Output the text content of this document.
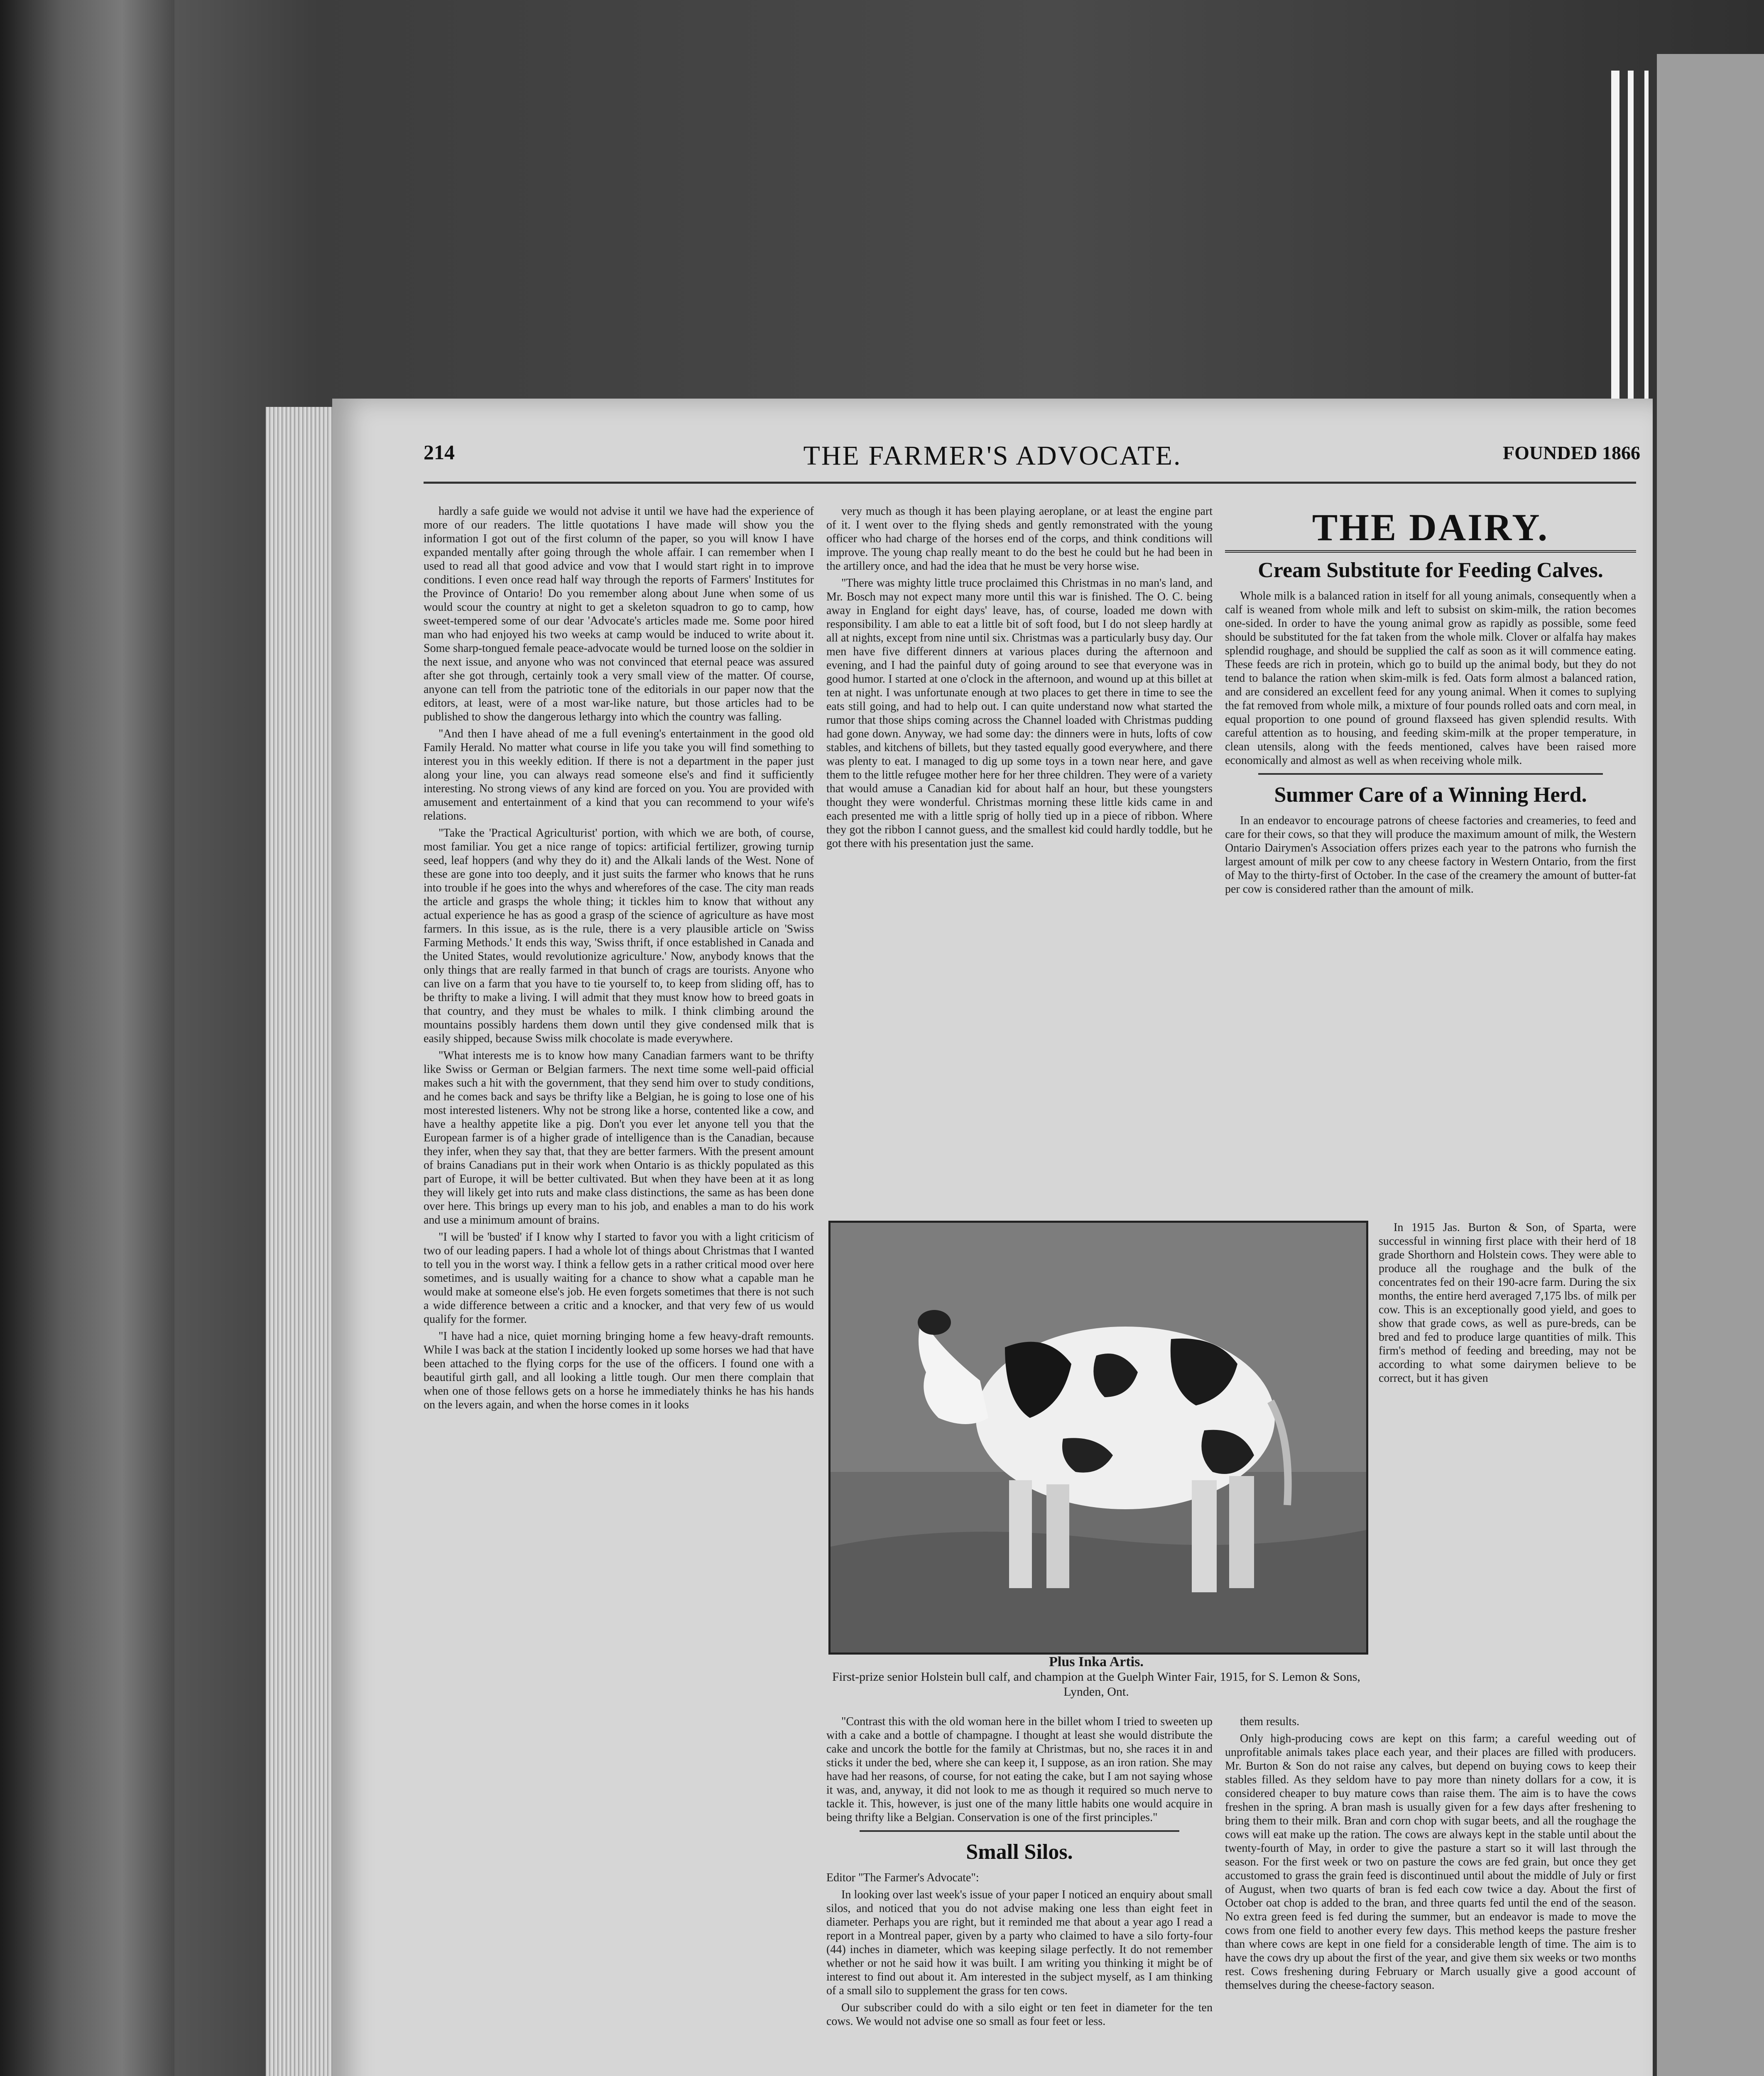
214	THE FARMER'S ADVOCATE.	FOUNDED 1866

hardly a safe guide we would not advise it until we have had the experience of more of our readers. The little quotations I have made will show you the information I got out of the first column of the paper, so you will know I have expanded mentally after going through the whole affair. I can remember when I used to read all that good advice and vow that I would start right in to improve conditions. I even once read half way through the reports of Farmers' Institutes for the Province of Ontario! Do you remember along about June when some of us would scour the country at night to get a skeleton squadron to go to camp, how sweet-tempered some of our dear 'Advocate's articles made me. Some poor hired man who had enjoyed his two weeks at camp would be induced to write about it. Some sharp-tongued female peace-advocate would be turned loose on the soldier in the next issue, and anyone who was not convinced that eternal peace was assured after she got through, certainly took a very small view of the matter. Of course, anyone can tell from the patriotic tone of the editorials in our paper now that the editors, at least, were of a most war-like nature, but those articles had to be published to show the dangerous lethargy into which the country was falling.

"And then I have ahead of me a full evening's entertainment in the good old Family Herald. No matter what course in life you take you will find something to interest you in this weekly edition. If there is not a department in the paper just along your line, you can always read someone else's and find it sufficiently interesting. No strong views of any kind are forced on you. You are provided with amusement and entertainment of a kind that you can recommend to your wife's relations.

"Take the 'Practical Agriculturist' portion, with which we are both, of course, most familiar. You get a nice range of topics: artificial fertilizer, growing turnip seed, leaf hoppers (and why they do it) and the Alkali lands of the West. None of these are gone into too deeply, and it just suits the farmer who knows that he runs into trouble if he goes into the whys and wherefores of the case. The city man reads the article and grasps the whole thing; it tickles him to know that without any actual experience he has as good a grasp of the science of agriculture as have most farmers. In this issue, as is the rule, there is a very plausible article on 'Swiss Farming Methods.' It ends this way, 'Swiss thrift, if once established in Canada and the United States, would revolutionize agriculture.' Now, anybody knows that the only things that are really farmed in that bunch of crags are tourists. Anyone who can live on a farm that you have to tie yourself to, to keep from sliding off, has to be thrifty to make a living. I will admit that they must know how to breed goats in that country, and they must be whales to milk. I think climbing around the mountains possibly hardens them down until they give condensed milk that is easily shipped, because Swiss milk chocolate is made everywhere.

"What interests me is to know how many Canadian farmers want to be thrifty like Swiss or German or Belgian farmers. The next time some well-paid official makes such a hit with the government, that they send him over to study conditions, and he comes back and says be thrifty like a Belgian, he is going to lose one of his most interested listeners. Why not be strong like a horse, contented like a cow, and have a healthy appetite like a pig. Don't you ever let anyone tell you that the European farmer is of a higher grade of intelligence than is the Canadian, because they infer, when they say that, that they are better farmers. With the present amount of brains Canadians put in their work when Ontario is as thickly populated as this part of Europe, it will be better cultivated. But when they have been at it as long they will likely get into ruts and make class distinctions, the same as has been done over here. This brings up every man to his job, and enables a man to do his work and use a minimum amount of brains.

"I will be 'busted' if I know why I started to favor you with a light criticism of two of our leading papers. I had a whole lot of things about Christmas that I wanted to tell you in the worst way. I think a fellow gets in a rather critical mood over here sometimes, and is usually waiting for a chance to show what a capable man he would make at someone else's job. He even forgets sometimes that there is not such a wide difference between a critic and a knocker, and that very few of us would qualify for the former.

"I have had a nice, quiet morning bringing home a few heavy-draft remounts. While I was back at the station I incidently looked up some horses we had that have been attached to the flying corps for the use of the officers. I found one with a beautiful girth gall, and all looking a little tough. Our men there complain that when one of those fellows gets on a horse he immediately thinks he has his hands on the levers again, and when the horse comes in it looks

very much as though it has been playing aeroplane, or at least the engine part of it. I went over to the flying sheds and gently remonstrated with the young officer who had charge of the horses end of the corps, and think conditions will improve. The young chap really meant to do the best he could but he had been in the artillery once, and had the idea that he must be very horse wise.

"There was mighty little truce proclaimed this Christmas in no man's land, and Mr. Bosch may not expect many more until this war is finished. The O. C. being away in England for eight days' leave, has, of course, loaded me down with responsibility. I am able to eat a little bit of soft food, but I do not sleep hardly at all at nights, except from nine until six. Christmas was a particularly busy day. Our men have five different dinners at various places during the afternoon and evening, and I had the painful duty of going around to see that everyone was in good humor. I started at one o'clock in the afternoon, and wound up at this billet at ten at night. I was unfortunate enough at two places to get there in time to see the eats still going, and had to help out. I can quite understand now what started the rumor that those ships coming across the Channel loaded with Christmas pudding had gone down. Anyway, we had some day: the dinners were in huts, lofts of cow stables, and kitchens of billets, but they tasted equally good everywhere, and there was plenty to eat. I managed to dig up some toys in a town near here, and gave them to the little refugee mother here for her three children. They were of a variety that would amuse a Canadian kid for about half an hour, but these youngsters thought they were wonderful. Christmas morning these little kids came in and each presented me with a little sprig of holly tied up in a piece of ribbon. Where they got the ribbon I cannot guess, and the smallest kid could hardly toddle, but he got there with his presentation just the same.

THE DAIRY.
Cream Substitute for Feeding Calves.

Whole milk is a balanced ration in itself for all young animals, consequently when a calf is weaned from whole milk and left to subsist on skim-milk, the ration becomes one-sided. In order to have the young animal grow as rapidly as possible, some feed should be substituted for the fat taken from the whole milk. Clover or alfalfa hay makes splendid roughage, and should be supplied the calf as soon as it will commence eating. These feeds are rich in protein, which go to build up the animal body, but they do not tend to balance the ration when skim-milk is fed. Oats form almost a balanced ration, and are considered an excellent feed for any young animal. When it comes to suplying the fat removed from whole milk, a mixture of four pounds rolled oats and corn meal, in equal proportion to one pound of ground flaxseed has given splendid results. With careful attention as to housing, and feeding skim-milk at the proper temperature, in clean utensils, along with the feeds mentioned, calves have been raised more economically and almost as well as when receiving whole milk.

Summer Care of a Winning Herd.

In an endeavor to encourage patrons of cheese factories and creameries, to feed and care for their cows, so that they will produce the maximum amount of milk, the Western Ontario Dairymen's Association offers prizes each year to the patrons who furnish the largest amount of milk per cow to any cheese factory in Western Ontario, from the first of May to the thirty-first of October. In the case of the creamery the amount of butter-fat per cow is considered rather than the amount of milk.

Plus Inka Artis.
First-prize senior Holstein bull calf, and champion at the Guelph Winter Fair, 1915, for S. Lemon & Sons, Lynden, Ont.

In 1915 Jas. Burton & Son, of Sparta, were successful in winning first place with their herd of 18 grade Shorthorn and Holstein cows. They were able to produce all the roughage and the bulk of the concentrates fed on their 190-acre farm. During the six months, the entire herd averaged 7,175 lbs. of milk per cow. This is an exceptionally good yield, and goes to show that grade cows, as well as pure-breds, can be bred and fed to produce large quantities of milk. This firm's method of feeding and breeding, may not be according to what some dairymen believe to be correct, but it has given

"Contrast this with the old woman here in the billet whom I tried to sweeten up with a cake and a bottle of champagne. I thought at least she would distribute the cake and uncork the bottle for the family at Christmas, but no, she races it in and sticks it under the bed, where she can keep it, I suppose, as an iron ration. She may have had her reasons, of course, for not eating the cake, but I am not saying whose it was, and, anyway, it did not look to me as though it required so much nerve to tackle it. This, however, is just one of the many little habits one would acquire in being thrifty like a Belgian. Conservation is one of the first principles."

Small Silos.
Editor "The Farmer's Advocate":

In looking over last week's issue of your paper I noticed an enquiry about small silos, and noticed that you do not advise making one less than eight feet in diameter. Perhaps you are right, but it reminded me that about a year ago I read a report in a Montreal paper, given by a party who claimed to have a silo forty-four (44) inches in diameter, which was keeping silage perfectly. It do not remember whether or not he said how it was built. I am writing you thinking it might be of interest to find out about it. Am interested in the subject myself, as I am thinking of a small silo to supplement the grass for ten cows.

Our subscriber could do with a silo eight or ten feet in diameter for the ten cows. We would not advise one so small as four feet or less.

them results.

Only high-producing cows are kept on this farm; a careful weeding out of unprofitable animals takes place each year, and their places are filled with producers. Mr. Burton & Son do not raise any calves, but depend on buying cows to keep their stables filled. As they seldom have to pay more than ninety dollars for a cow, it is considered cheaper to buy mature cows than raise them. The aim is to have the cows freshen in the spring. A bran mash is usually given for a few days after freshening to bring them to their milk. Bran and corn chop with sugar beets, and all the roughage the cows will eat make up the ration. The cows are always kept in the stable until about the twenty-fourth of May, in order to give the pasture a start so it will last through the season. For the first week or two on pasture the cows are fed grain, but once they get accustomed to grass the grain feed is discontinued until about the middle of July or first of August, when two quarts of bran is fed each cow twice a day. About the first of October oat chop is added to the bran, and three quarts fed until the end of the season. No extra green feed is fed during the summer, but an endeavor is made to move the cows from one field to another every few days. This method keeps the pasture fresher than where cows are kept in one field for a considerable length of time. The aim is to have the cows dry up about the first of the year, and give them six weeks or two months rest. Cows freshening during February or March usually give a good account of themselves during the cheese-factory season.
